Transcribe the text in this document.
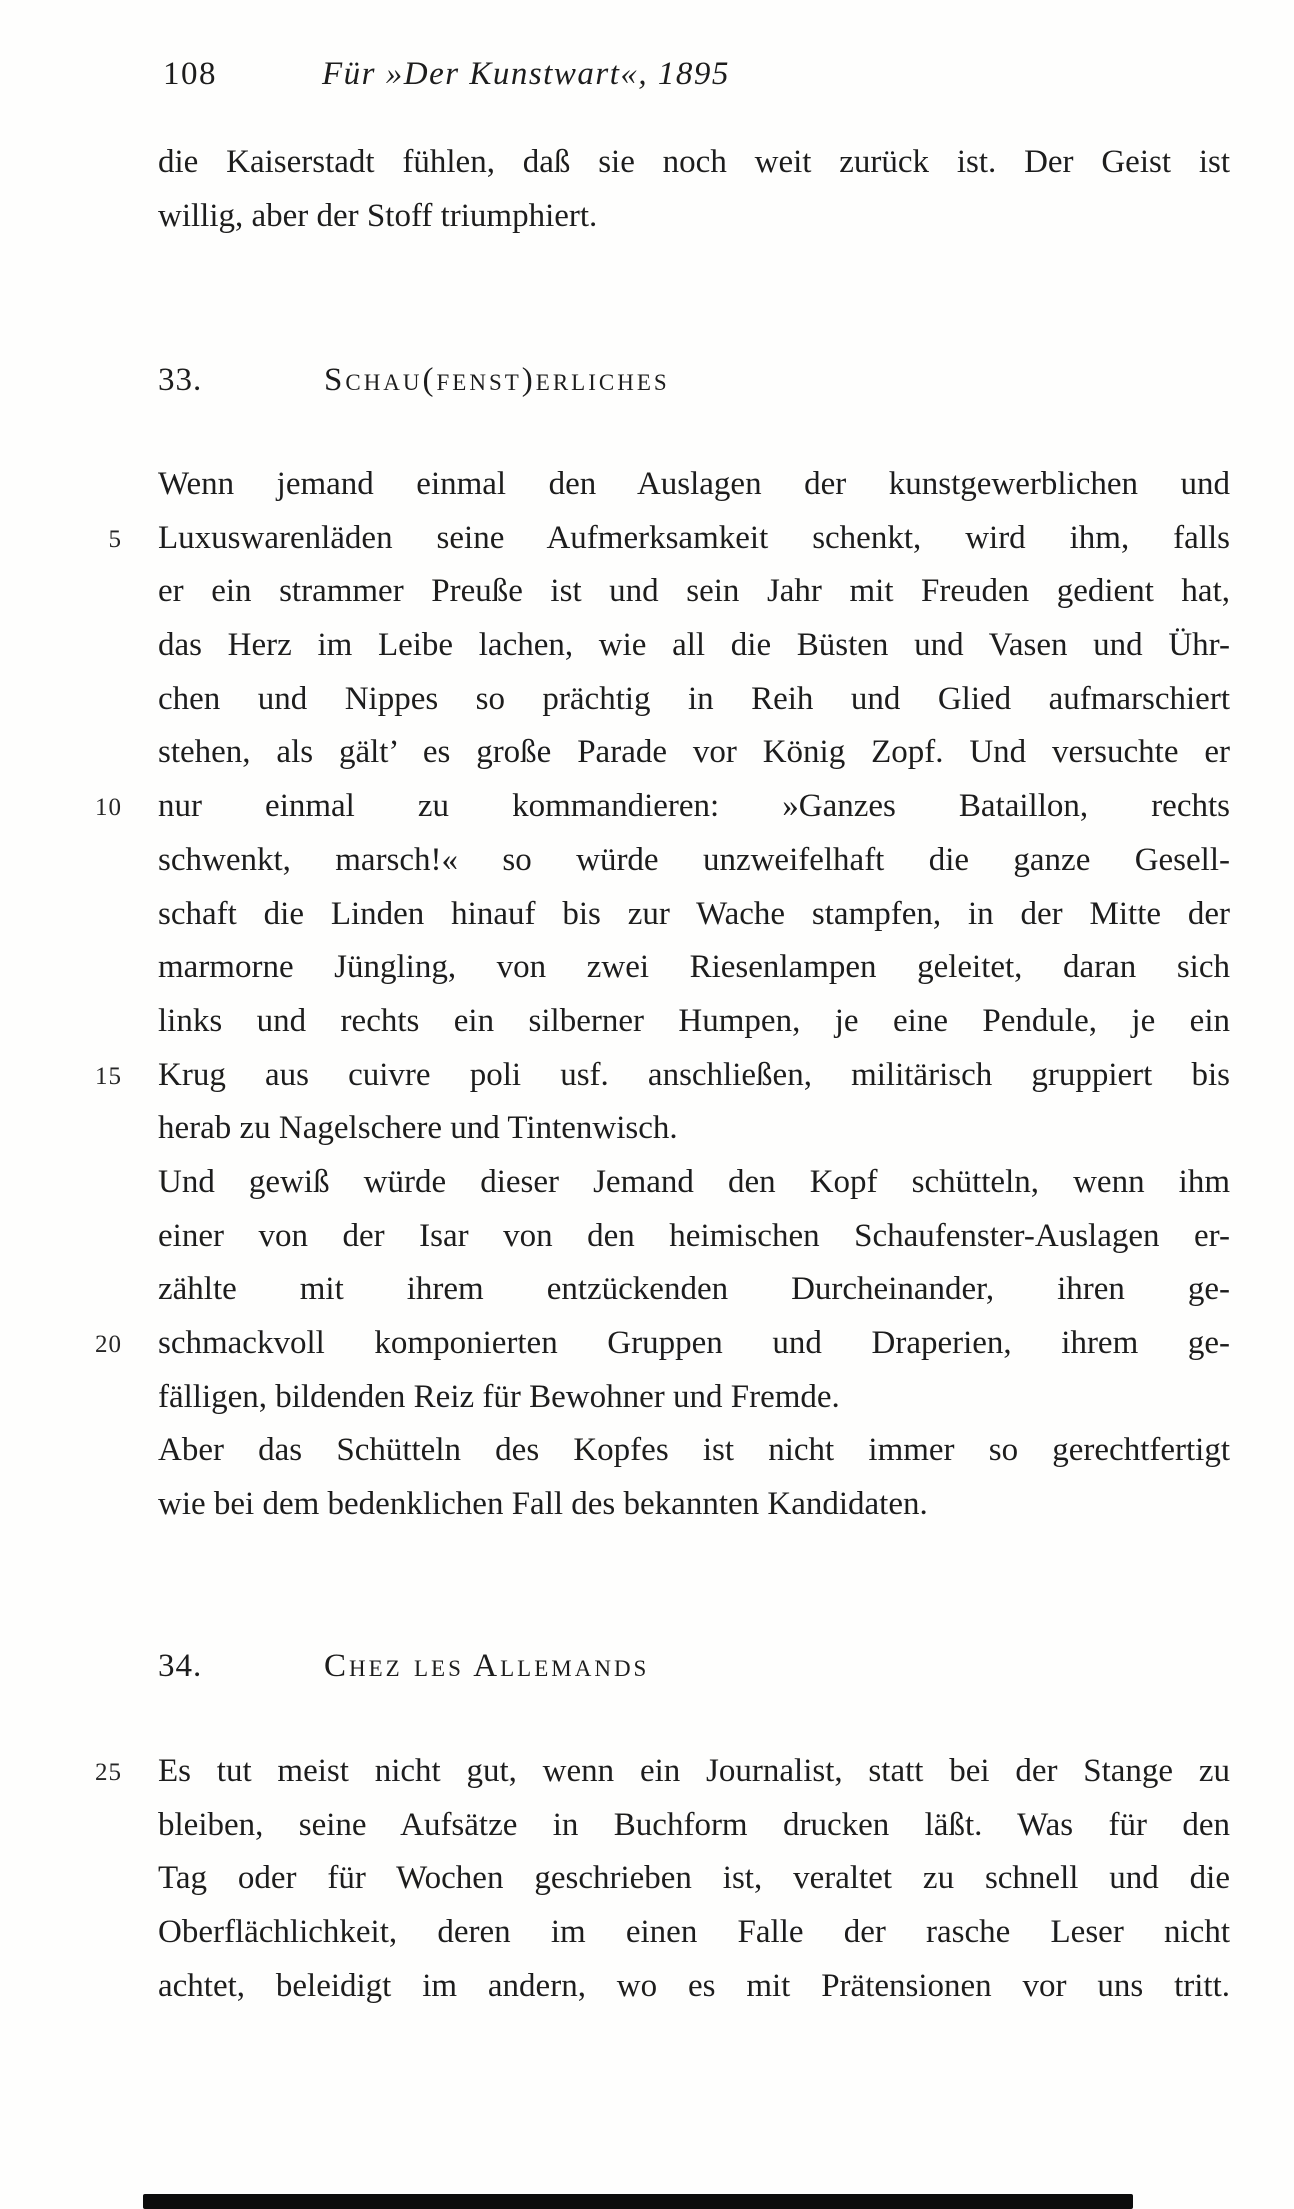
108	Für »Der Kunstwart«, 1895
die Kaiserstadt fühlen, daß sie noch weit zurück ist. Der Geist ist
willig, aber der Stoff triumphiert.
33.	Schau(fenst)erliches
Wenn jemand einmal den Auslagen der kunstgewerblichen und
5 Luxuswarenläden seine Aufmerksamkeit schenkt, wird ihm, falls
er ein strammer Preuße ist und sein Jahr mit Freuden gedient hat,
das Herz im Leibe lachen, wie all die Büsten und Vasen und Ühr-
chen und Nippes so prächtig in Reih und Glied aufmarschiert
stehen, als gält’ es große Parade vor König Zopf. Und versuchte er
10 nur einmal zu kommandieren: »Ganzes Bataillon, rechts
schwenkt, marsch!« so würde unzweifelhaft die ganze Gesell-
schaft die Linden hinauf bis zur Wache stampfen, in der Mitte der
marmorne Jüngling, von zwei Riesenlampen geleitet, daran sich
links und rechts ein silberner Humpen, je eine Pendule, je ein
15 Krug aus cuivre poli usf. anschließen, militärisch gruppiert bis
herab zu Nagelschere und Tintenwisch.
Und gewiß würde dieser Jemand den Kopf schütteln, wenn ihm
einer von der Isar von den heimischen Schaufenster-Auslagen er-
zählte mit ihrem entzückenden Durcheinander, ihren ge-
20 schmackvoll komponierten Gruppen und Draperien, ihrem ge-
fälligen, bildenden Reiz für Bewohner und Fremde.
Aber das Schütteln des Kopfes ist nicht immer so gerechtfertigt
wie bei dem bedenklichen Fall des bekannten Kandidaten.
34.	Chez les Allemands
25 Es tut meist nicht gut, wenn ein Journalist, statt bei der Stange zu
bleiben, seine Aufsätze in Buchform drucken läßt. Was für den
Tag oder für Wochen geschrieben ist, veraltet zu schnell und die
Oberflächlichkeit, deren im einen Falle der rasche Leser nicht
achtet, beleidigt im andern, wo es mit Prätensionen vor uns tritt.
